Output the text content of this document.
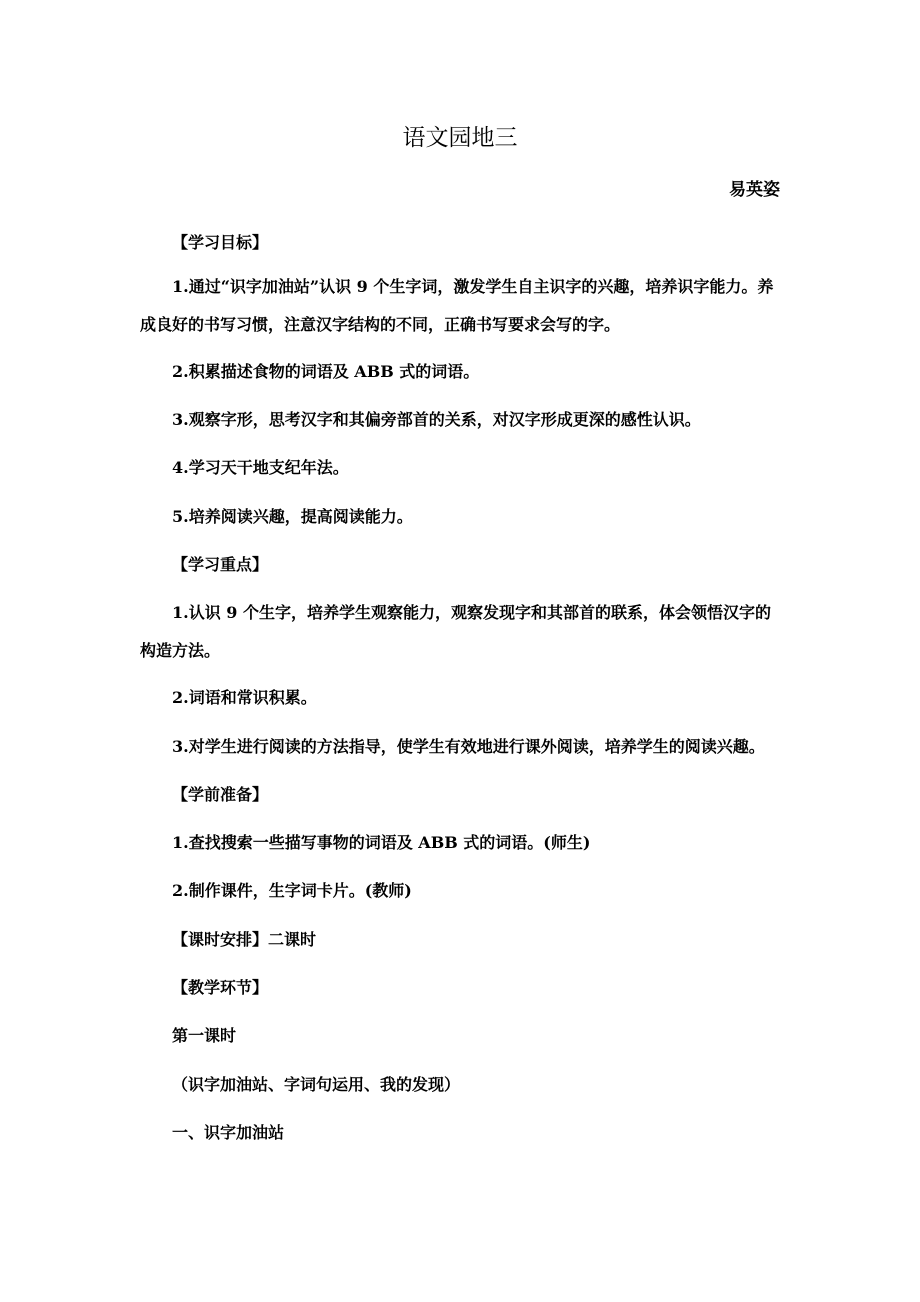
语文园地三
易英姿

【学习目标】

1.通过“识字加油站”认识 9 个生字词，激发学生自主识字的兴趣，培养识字能力。养成良好的书写习惯，注意汉字结构的不同，正确书写要求会写的字。

2.积累描述食物的词语及 ABB 式的词语。

3.观察字形，思考汉字和其偏旁部首的关系，对汉字形成更深的感性认识。

4.学习天干地支纪年法。

5.培养阅读兴趣，提高阅读能力。

【学习重点】

1.认识 9 个生字，培养学生观察能力，观察发现字和其部首的联系，体会领悟汉字的构造方法。

2.词语和常识积累。

3.对学生进行阅读的方法指导，使学生有效地进行课外阅读，培养学生的阅读兴趣。

【学前准备】

1.查找搜索一些描写事物的词语及 ABB 式的词语。(师生)

2.制作课件，生字词卡片。(教师)

【课时安排】二课时

【教学环节】

第一课时

（识字加油站、字词句运用、我的发现）

一、识字加油站
